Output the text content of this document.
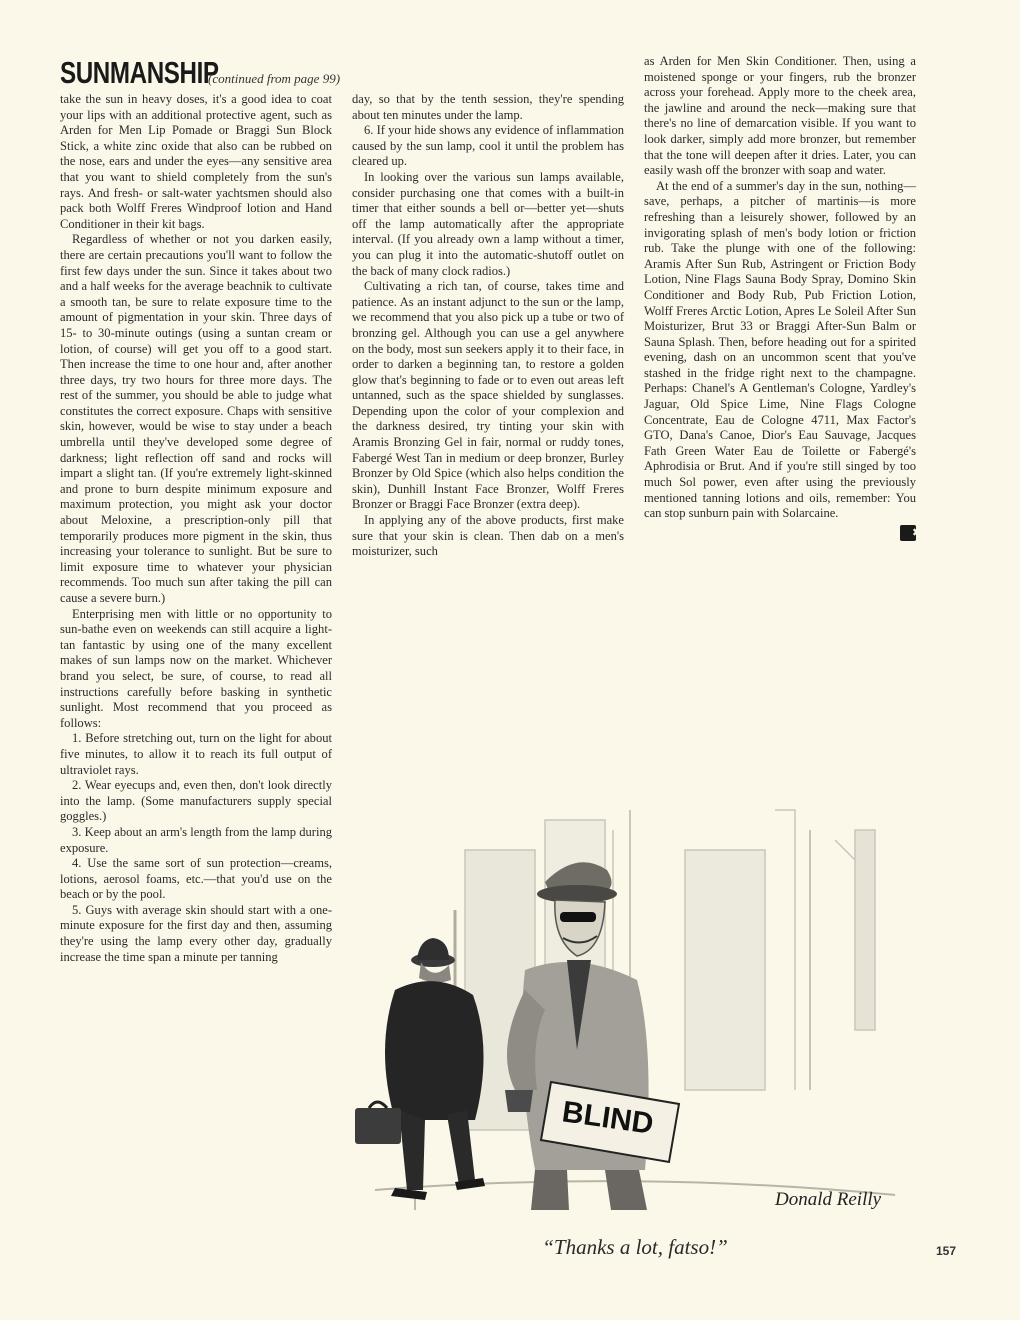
SUNMANSHIP
(continued from page 99)

take the sun in heavy doses, it's a good idea to coat your lips with an additional protective agent, such as Arden for Men Lip Pomade or Braggi Sun Block Stick, a white zinc oxide that also can be rubbed on the nose, ears and under the eyes—any sensitive area that you want to shield completely from the sun's rays. And fresh- or salt-water yachtsmen should also pack both Wolff Freres Windproof lotion and Hand Conditioner in their kit bags.

Regardless of whether or not you darken easily, there are certain precautions you'll want to follow the first few days under the sun. Since it takes about two and a half weeks for the average beachnik to cultivate a smooth tan, be sure to relate exposure time to the amount of pigmentation in your skin. Three days of 15- to 30-minute outings (using a suntan cream or lotion, of course) will get you off to a good start. Then increase the time to one hour and, after another three days, try two hours for three more days. The rest of the summer, you should be able to judge what constitutes the correct exposure. Chaps with sensitive skin, however, would be wise to stay under a beach umbrella until they've developed some degree of darkness; light reflection off sand and rocks will impart a slight tan. (If you're extremely light-skinned and prone to burn despite minimum exposure and maximum protection, you might ask your doctor about Meloxine, a prescription-only pill that temporarily produces more pigment in the skin, thus increasing your tolerance to sunlight. But be sure to limit exposure time to whatever your physician recommends. Too much sun after taking the pill can cause a severe burn.)

Enterprising men with little or no opportunity to sun-bathe even on weekends can still acquire a light-tan fantastic by using one of the many excellent makes of sun lamps now on the market. Whichever brand you select, be sure, of course, to read all instructions carefully before basking in synthetic sunlight. Most recommend that you proceed as follows:

1. Before stretching out, turn on the light for about five minutes, to allow it to reach its full output of ultraviolet rays.

2. Wear eyecups and, even then, don't look directly into the lamp. (Some manufacturers supply special goggles.)

3. Keep about an arm's length from the lamp during exposure.

4. Use the same sort of sun protection—creams, lotions, aerosol foams, etc.—that you'd use on the beach or by the pool.

5. Guys with average skin should start with a one-minute exposure for the first day and then, assuming they're using the lamp every other day, gradually increase the time span a minute per tanning

day, so that by the tenth session, they're spending about ten minutes under the lamp.

6. If your hide shows any evidence of inflammation caused by the sun lamp, cool it until the problem has cleared up.

In looking over the various sun lamps available, consider purchasing one that comes with a built-in timer that either sounds a bell or—better yet—shuts off the lamp automatically after the appropriate interval. (If you already own a lamp without a timer, you can plug it into the automatic-shutoff outlet on the back of many clock radios.)

Cultivating a rich tan, of course, takes time and patience. As an instant adjunct to the sun or the lamp, we recommend that you also pick up a tube or two of bronzing gel. Although you can use a gel anywhere on the body, most sun seekers apply it to their face, in order to darken a beginning tan, to restore a golden glow that's beginning to fade or to even out areas left untanned, such as the space shielded by sunglasses. Depending upon the color of your complexion and the darkness desired, try tinting your skin with Aramis Bronzing Gel in fair, normal or ruddy tones, Fabergé West Tan in medium or deep bronzer, Burley Bronzer by Old Spice (which also helps condition the skin), Dunhill Instant Face Bronzer, Wolff Freres Bronzer or Braggi Face Bronzer (extra deep).

In applying any of the above products, first make sure that your skin is clean. Then dab on a men's moisturizer, such

as Arden for Men Skin Conditioner. Then, using a moistened sponge or your fingers, rub the bronzer across your forehead. Apply more to the cheek area, the jawline and around the neck—making sure that there's no line of demarcation visible. If you want to look darker, simply add more bronzer, but remember that the tone will deepen after it dries. Later, you can easily wash off the bronzer with soap and water.

At the end of a summer's day in the sun, nothing—save, perhaps, a pitcher of martinis—is more refreshing than a leisurely shower, followed by an invigorating splash of men's body lotion or friction rub. Take the plunge with one of the following: Aramis After Sun Rub, Astringent or Friction Body Lotion, Nine Flags Sauna Body Spray, Domino Skin Conditioner and Body Rub, Pub Friction Lotion, Wolff Freres Arctic Lotion, Apres Le Soleil After Sun Moisturizer, Brut 33 or Braggi After-Sun Balm or Sauna Splash. Then, before heading out for a spirited evening, dash on an uncommon scent that you've stashed in the fridge right next to the champagne. Perhaps: Chanel's A Gentleman's Cologne, Yardley's Jaguar, Old Spice Lime, Nine Flags Cologne Concentrate, Eau de Cologne 4711, Max Factor's GTO, Dana's Canoe, Dior's Eau Sauvage, Jacques Fath Green Water Eau de Toilette or Fabergé's Aphrodisia or Brut. And if you're still singed by too much Sol power, even after using the previously mentioned tanning lotions and oils, remember: You can stop sunburn pain with Solarcaine.
✖

BLIND
Donald Reilly
“Thanks a lot, fatso!”	157
